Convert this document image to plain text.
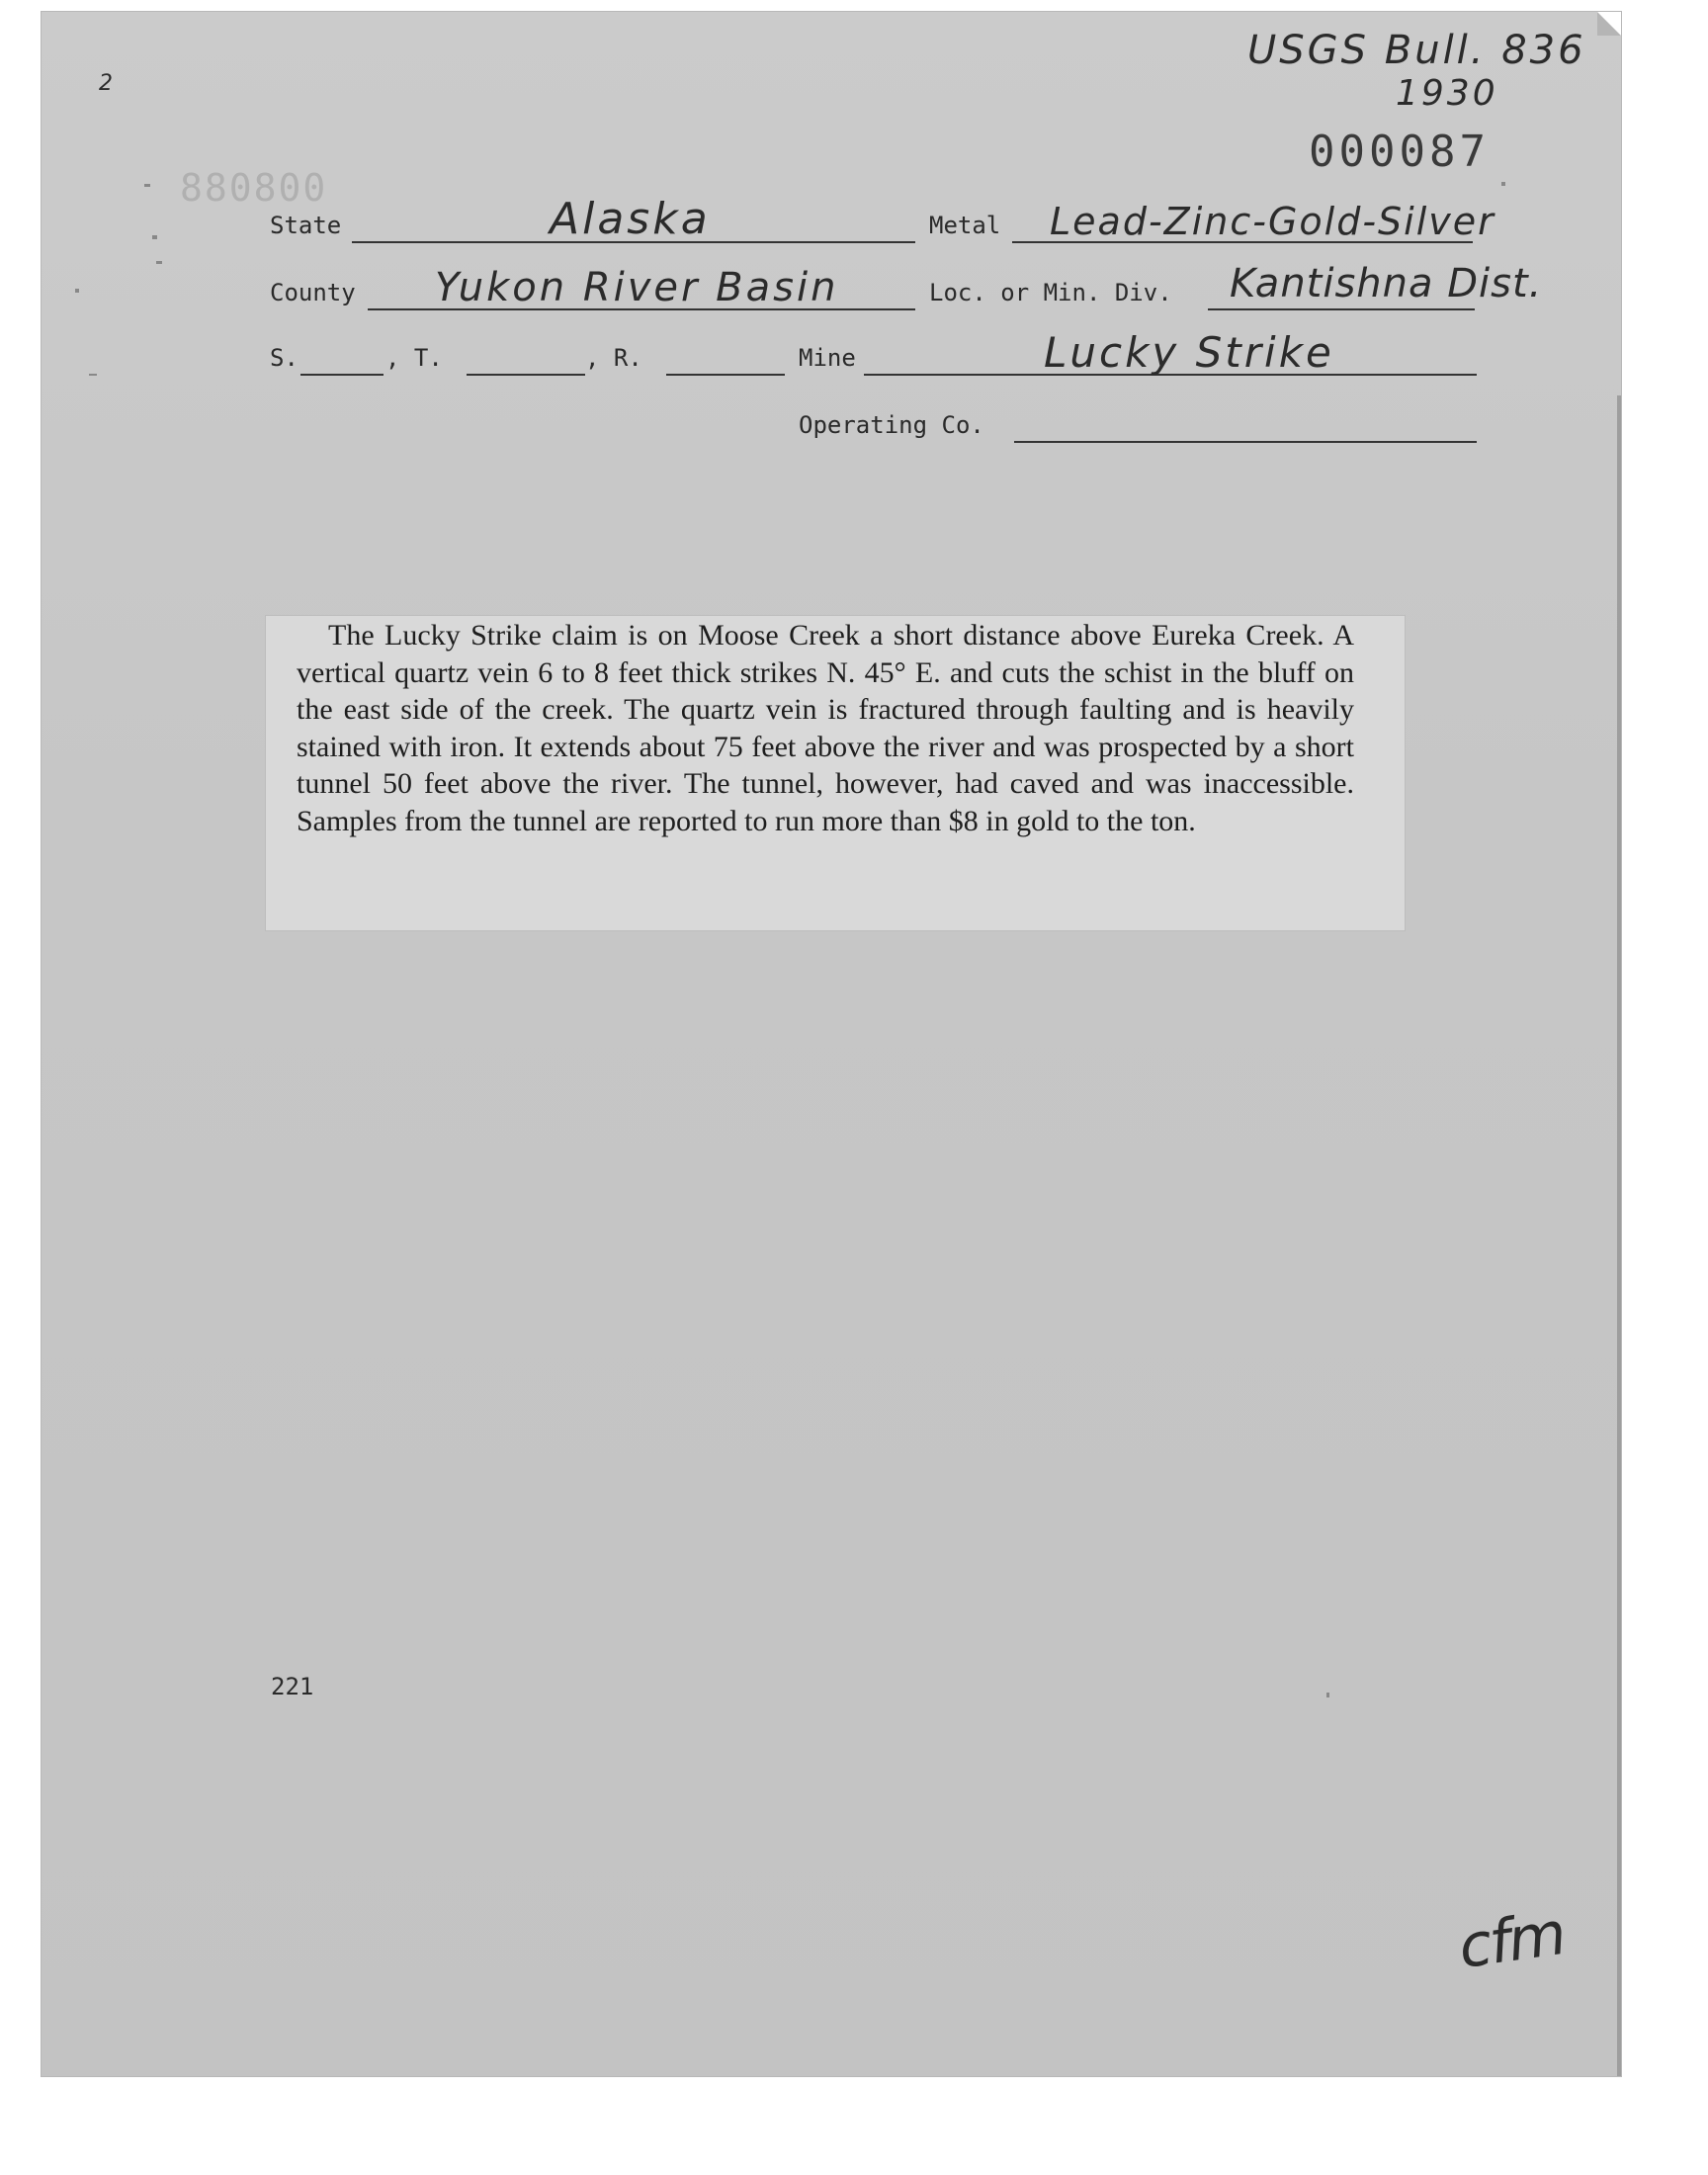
USGS Bull. 836
1930
000087
880800
2
State	Alaska	Metal Lead-Zinc-Gold-Silver
County Yukon River Basin	Loc. or Min. Div. Kantishna Dist.
S.	, T.	, R.	Mine	Lucky Strike
Operating Co.
The Lucky Strike claim is on Moose Creek a short distance above Eureka Creek. A vertical quartz vein 6 to 8 feet thick strikes N. 45° E. and cuts the schist in the bluff on the east side of the creek. The quartz vein is fractured through faulting and is heavily stained with iron. It extends about 75 feet above the river and was prospected by a short tunnel 50 feet above the river. The tunnel, however, had caved and was inaccessible. Samples from the tunnel are reported to run more than $8 in gold to the ton.
221
cfm
